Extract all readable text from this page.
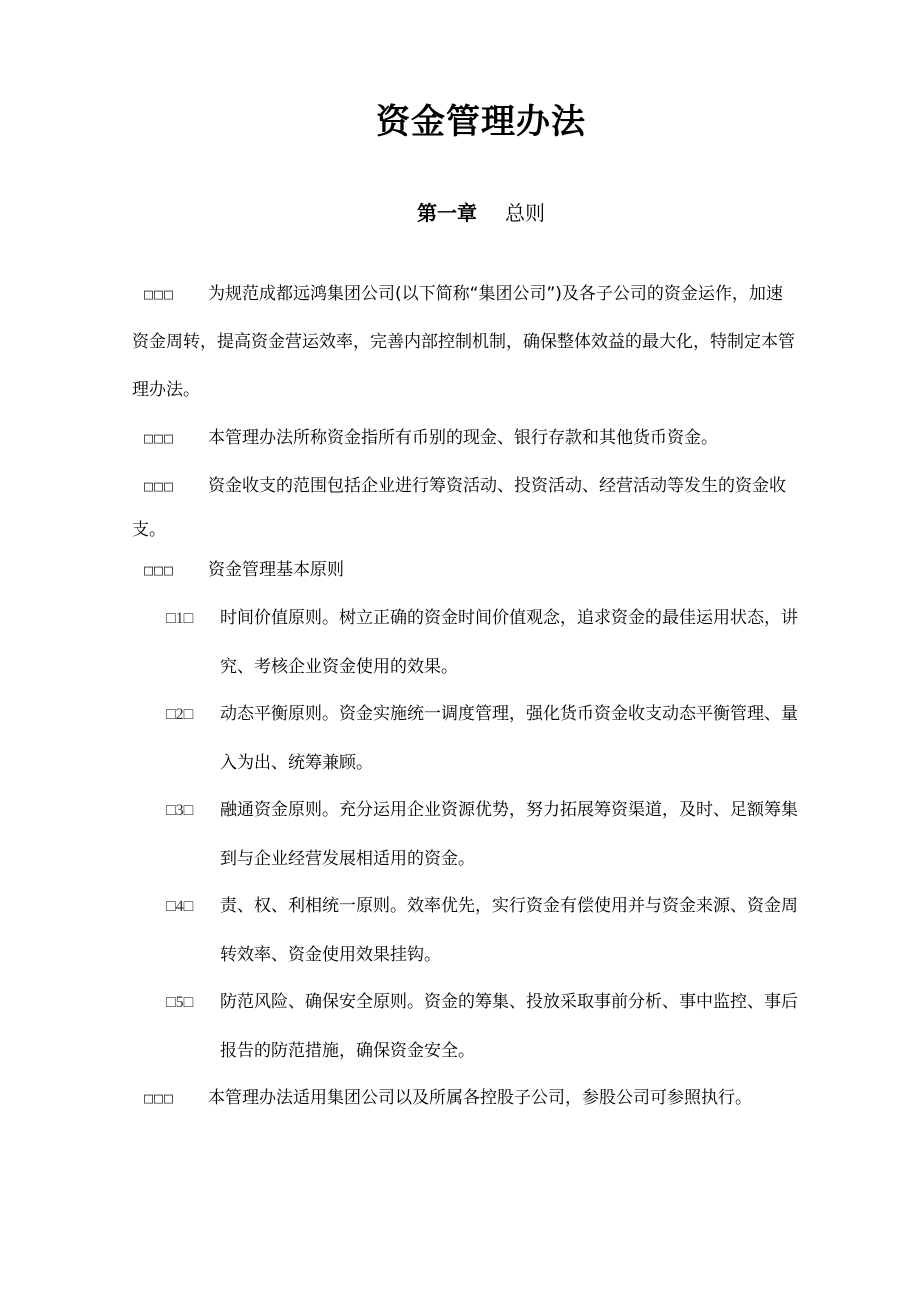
资金管理办法
第一章 总则
□□□ 为规范成都远鸿集团公司(以下简称“集团公司”)及各子公司的资金运作，加速
资金周转，提高资金营运效率，完善内部控制机制，确保整体效益的最大化，特制定本管
理办法。
□□□ 本管理办法所称资金指所有币别的现金、银行存款和其他货币资金。
□□□ 资金收支的范围包括企业进行筹资活动、投资活动、经营活动等发生的资金收
支。
□□□ 资金管理基本原则
□1□ 时间价值原则。树立正确的资金时间价值观念，追求资金的最佳运用状态，讲
究、考核企业资金使用的效果。
□2□ 动态平衡原则。资金实施统一调度管理，强化货币资金收支动态平衡管理、量
入为出、统筹兼顾。
□3□ 融通资金原则。充分运用企业资源优势，努力拓展筹资渠道，及时、足额筹集
到与企业经营发展相适用的资金。
□4□ 责、权、利相统一原则。效率优先，实行资金有偿使用并与资金来源、资金周
转效率、资金使用效果挂钩。
□5□ 防范风险、确保安全原则。资金的筹集、投放采取事前分析、事中监控、事后
报告的防范措施，确保资金安全。
□□□ 本管理办法适用集团公司以及所属各控股子公司，参股公司可参照执行。
